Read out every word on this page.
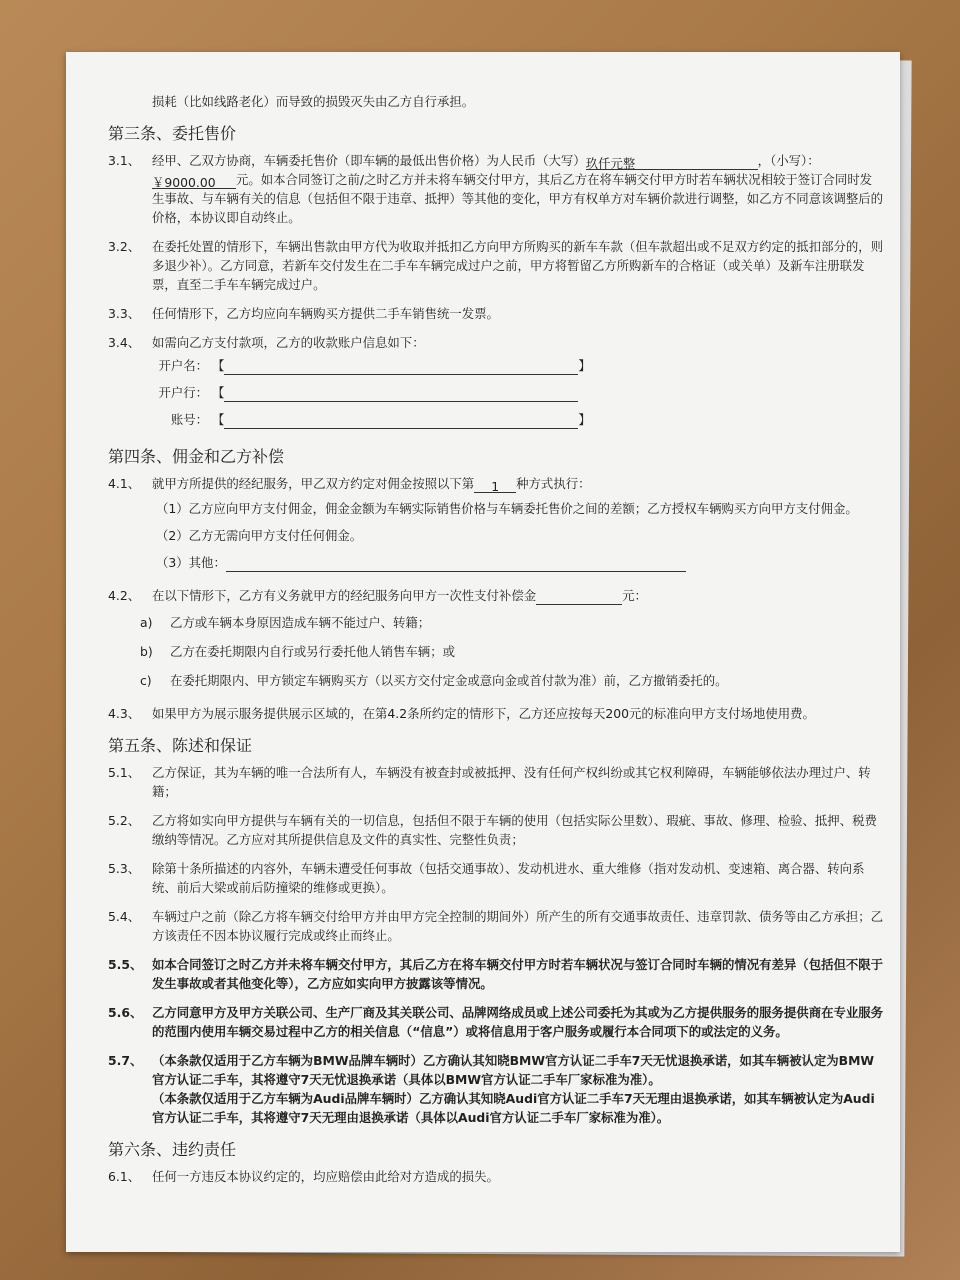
损耗（比如线路老化）而导致的损毁灭失由乙方自行承担。
第三条、委托售价
3.1、 经甲、乙双方协商，车辆委托售价（即车辆的最低出售价格）为人民币（大写）玖仟元整	，（小写）：￥9000.00 元。如本合同签订之前/之时乙方并未将车辆交付甲方，其后乙方在将车辆交付甲方时若车辆状况相较于签订合同时发生事故、与车辆有关的信息（包括但不限于违章、抵押）等其他的变化，甲方有权单方对车辆价款进行调整，如乙方不同意该调整后的价格，本协议即自动终止。
3.2、 在委托处置的情形下，车辆出售款由甲方代为收取并抵扣乙方向甲方所购买的新车车款（但车款超出或不足双方约定的抵扣部分的，则多退少补）。乙方同意，若新车交付发生在二手车车辆完成过户之前，甲方将暂留乙方所购新车的合格证（或关单）及新车注册联发票，直至二手车车辆完成过户。
3.3、 任何情形下，乙方均应向车辆购买方提供二手车销售统一发票。
3.4、 如需向乙方支付款项，乙方的收款账户信息如下：
开户名： 【	】
开户行： 【
账号： 【	】
第四条、佣金和乙方补偿
4.1、 就甲方所提供的经纪服务，甲乙双方约定对佣金按照以下第 1 种方式执行：
（1）乙方应向甲方支付佣金，佣金金额为车辆实际销售价格与车辆委托售价之间的差额；乙方授权车辆购买方向甲方支付佣金。
（2）乙方无需向甲方支付任何佣金。
（3）其他：
4.2、 在以下情形下，乙方有义务就甲方的经纪服务向甲方一次性支付补偿金	元：
a) 乙方或车辆本身原因造成车辆不能过户、转籍；
b) 乙方在委托期限内自行或另行委托他人销售车辆；或
c) 在委托期限内、甲方锁定车辆购买方（以买方交付定金或意向金或首付款为准）前，乙方撤销委托的。
4.3、 如果甲方为展示服务提供展示区域的，在第4.2条所约定的情形下，乙方还应按每天200元的标准向甲方支付场地使用费。
第五条、陈述和保证
5.1、 乙方保证，其为车辆的唯一合法所有人，车辆没有被查封或被抵押、没有任何产权纠纷或其它权利障碍，车辆能够依法办理过户、转籍；
5.2、 乙方将如实向甲方提供与车辆有关的一切信息，包括但不限于车辆的使用（包括实际公里数）、瑕疵、事故、修理、检验、抵押、税费缴纳等情况。乙方应对其所提供信息及文件的真实性、完整性负责；
5.3、 除第十条所描述的内容外，车辆未遭受任何事故（包括交通事故）、发动机进水、重大维修（指对发动机、变速箱、离合器、转向系统、前后大梁或前后防撞梁的维修或更换）。
5.4、 车辆过户之前（除乙方将车辆交付给甲方并由甲方完全控制的期间外）所产生的所有交通事故责任、违章罚款、债务等由乙方承担；乙方该责任不因本协议履行完成或终止而终止。
5.5、 如本合同签订之时乙方并未将车辆交付甲方，其后乙方在将车辆交付甲方时若车辆状况与签订合同时车辆的情况有差异（包括但不限于发生事故或者其他变化等），乙方应如实向甲方披露该等情况。
5.6、 乙方同意甲方及甲方关联公司、生产厂商及其关联公司、品牌网络成员或上述公司委托为其或为乙方提供服务的服务提供商在专业服务的范围内使用车辆交易过程中乙方的相关信息（“信息”）或将信息用于客户服务或履行本合同项下的或法定的义务。
5.7、 （本条款仅适用于乙方车辆为BMW品牌车辆时）乙方确认其知晓BMW官方认证二手车7天无忧退换承诺，如其车辆被认定为BMW官方认证二手车，其将遵守7天无忧退换承诺（具体以BMW官方认证二手车厂家标准为准）。
（本条款仅适用于乙方车辆为Audi品牌车辆时）乙方确认其知晓Audi官方认证二手车7天无理由退换承诺，如其车辆被认定为Audi官方认证二手车，其将遵守7天无理由退换承诺（具体以Audi官方认证二手车厂家标准为准）。
第六条、违约责任
6.1、 任何一方违反本协议约定的，均应赔偿由此给对方造成的损失。
